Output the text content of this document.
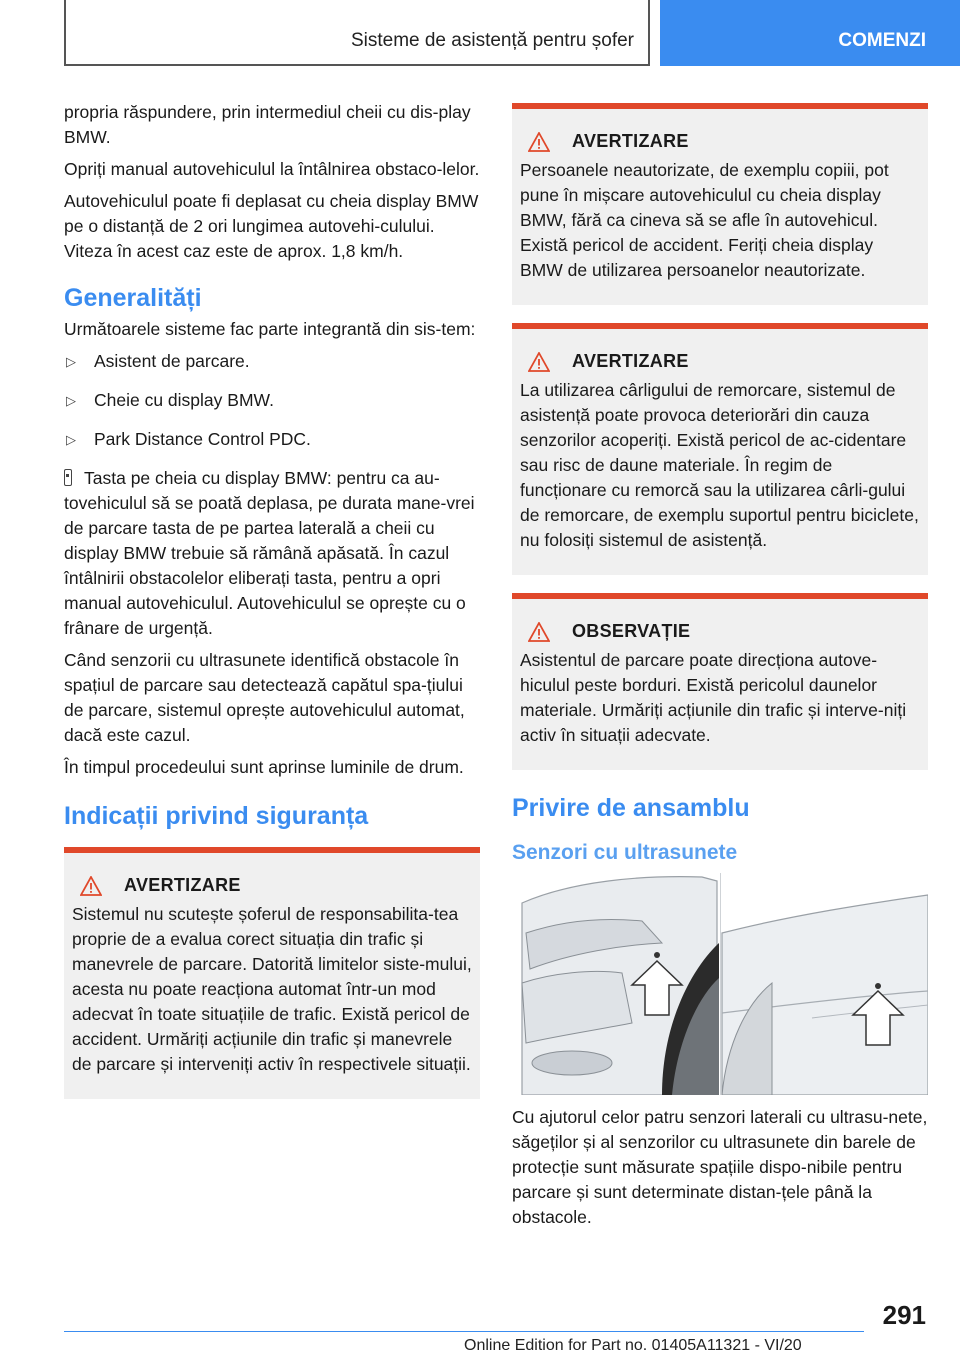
Sisteme de asistență pentru șofer	COMENZI

propria răspundere, prin intermediul cheii cu dis‐play BMW.

Opriți manual autovehiculul la întâlnirea obstaco‐lelor.

Autovehiculul poate fi deplasat cu cheia display BMW pe o distanță de 2 ori lungimea autovehi‐culului. Viteza în acest caz este de aprox. 1,8 km/h.

Generalități

Următoarele sisteme fac parte integrantă din sis‐tem:

▷ Asistent de parcare.
▷ Cheie cu display BMW.
▷ Park Distance Control PDC.

Tasta pe cheia cu display BMW: pentru ca au‐tovehiculul să se poată deplasa, pe durata mane‐vrei de parcare tasta de pe partea laterală a cheii cu display BMW trebuie să rămână apăsată. În cazul întâlnirii obstacolelor eliberați tasta, pentru a opri manual autovehiculul. Autovehiculul se oprește cu o frânare de urgență.

Când senzorii cu ultrasunete identifică obstacole în spațiul de parcare sau detectează capătul spa‐țiului de parcare, sistemul oprește autovehiculul automat, dacă este cazul.

În timpul procedeului sunt aprinse luminile de drum.

Indicații privind siguranța
AVERTIZARE
Sistemul nu scutește șoferul de responsabilita‐tea proprie de a evalua corect situația din trafic și manevrele de parcare. Datorită limitelor siste‐mului, acesta nu poate reacționa automat într-un mod adecvat în toate situațiile de trafic. Există pericol de accident. Urmăriți acțiunile din trafic și manevrele de parcare și interveniți activ în respectivele situații.
AVERTIZARE
Persoanele neautorizate, de exemplu copiii, pot pune în mișcare autovehiculul cu cheia display BMW, fără ca cineva să se afle în autovehicul. Există pericol de accident. Feriți cheia display BMW de utilizarea persoanelor neautorizate.
AVERTIZARE
La utilizarea cârligului de remorcare, sistemul de asistență poate provoca deteriorări din cauza senzorilor acoperiți. Există pericol de ac‐cidentare sau risc de daune materiale. În regim de funcționare cu remorcă sau la utilizarea cârli‐gului de remorcare, de exemplu suportul pentru biciclete, nu folosiți sistemul de asistență.
OBSERVAȚIE
Asistentul de parcare poate direcționa autove‐hiculul peste borduri. Există pericolul daunelor materiale. Urmăriți acțiunile din trafic și interve‐niți activ în situații adecvate.
Privire de ansamblu
Senzori cu ultrasunete

Cu ajutorul celor patru senzori laterali cu ultrasu‐nete, săgeților și al senzorilor cu ultrasunete din barele de protecție sunt măsurate spațiile dispo‐nibile pentru parcare și sunt determinate distan‐țele până la obstacole.

291
Online Edition for Part no. 01405A11321 - VI/20
